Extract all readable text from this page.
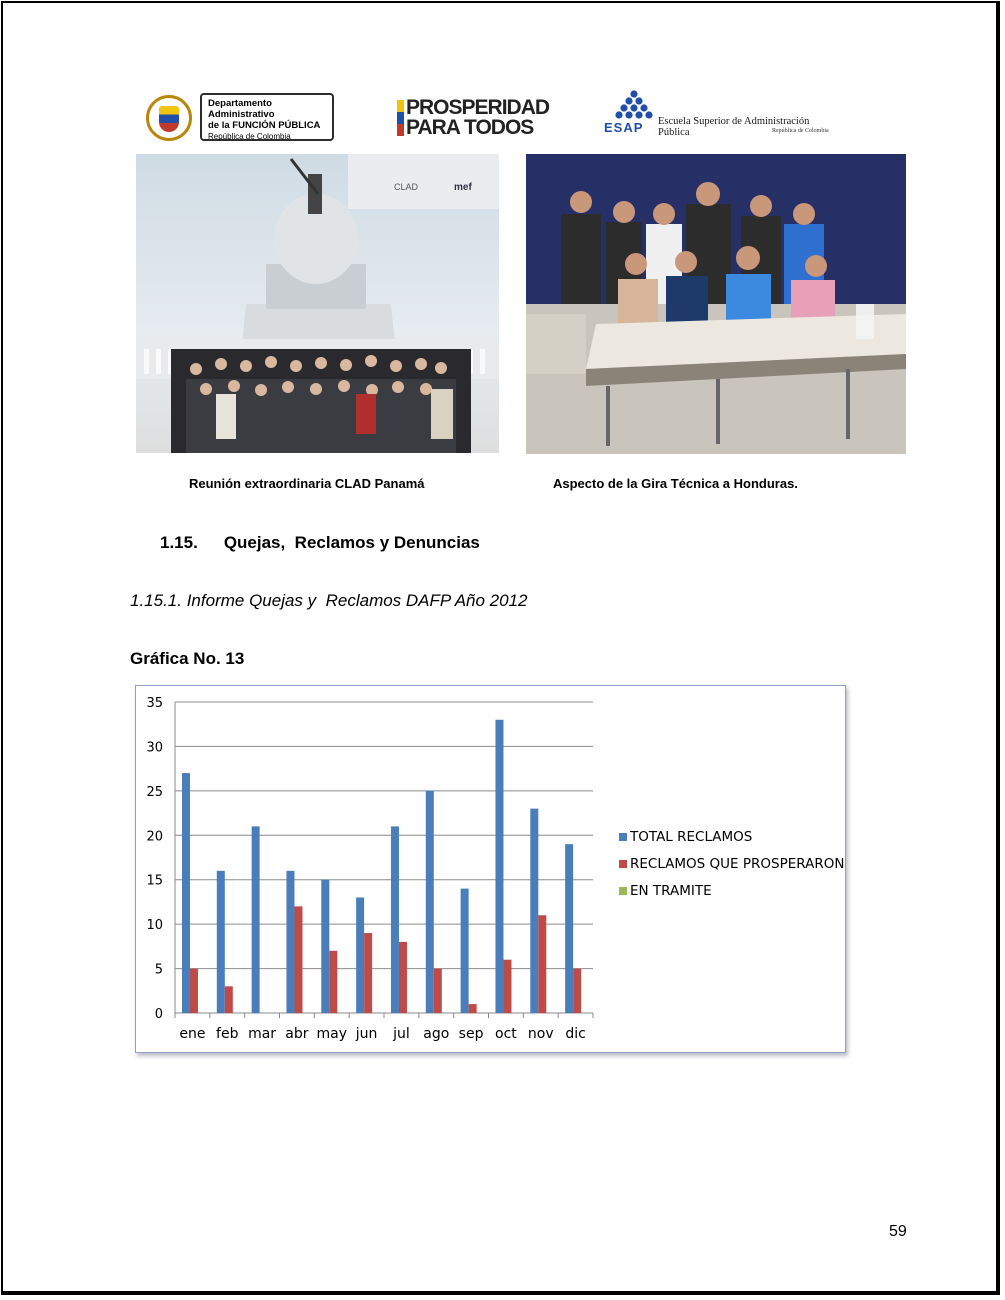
Departamento Administrativo
de la FUNCIÓN PÚBLICA
República de Colombia
PROSPERIDAD
PARA TODOS	ESAP Escuela Superior de Administración Pública	República de Colombia
CLAD	mef
Reunión extraordinaria CLAD Panamá	Aspecto de la Gira Técnica a Honduras.
1.15. Quejas,  Reclamos y Denuncias
1.15.1. Informe Quejas y  Reclamos DAFP Año 2012
Gráfica No. 13
0
5
10
15
20
25
30
35
ene feb mar abr may jun jul ago sep oct nov dic
TOTAL RECLAMOS
RECLAMOS QUE PROSPERARON
EN TRAMITE
59
